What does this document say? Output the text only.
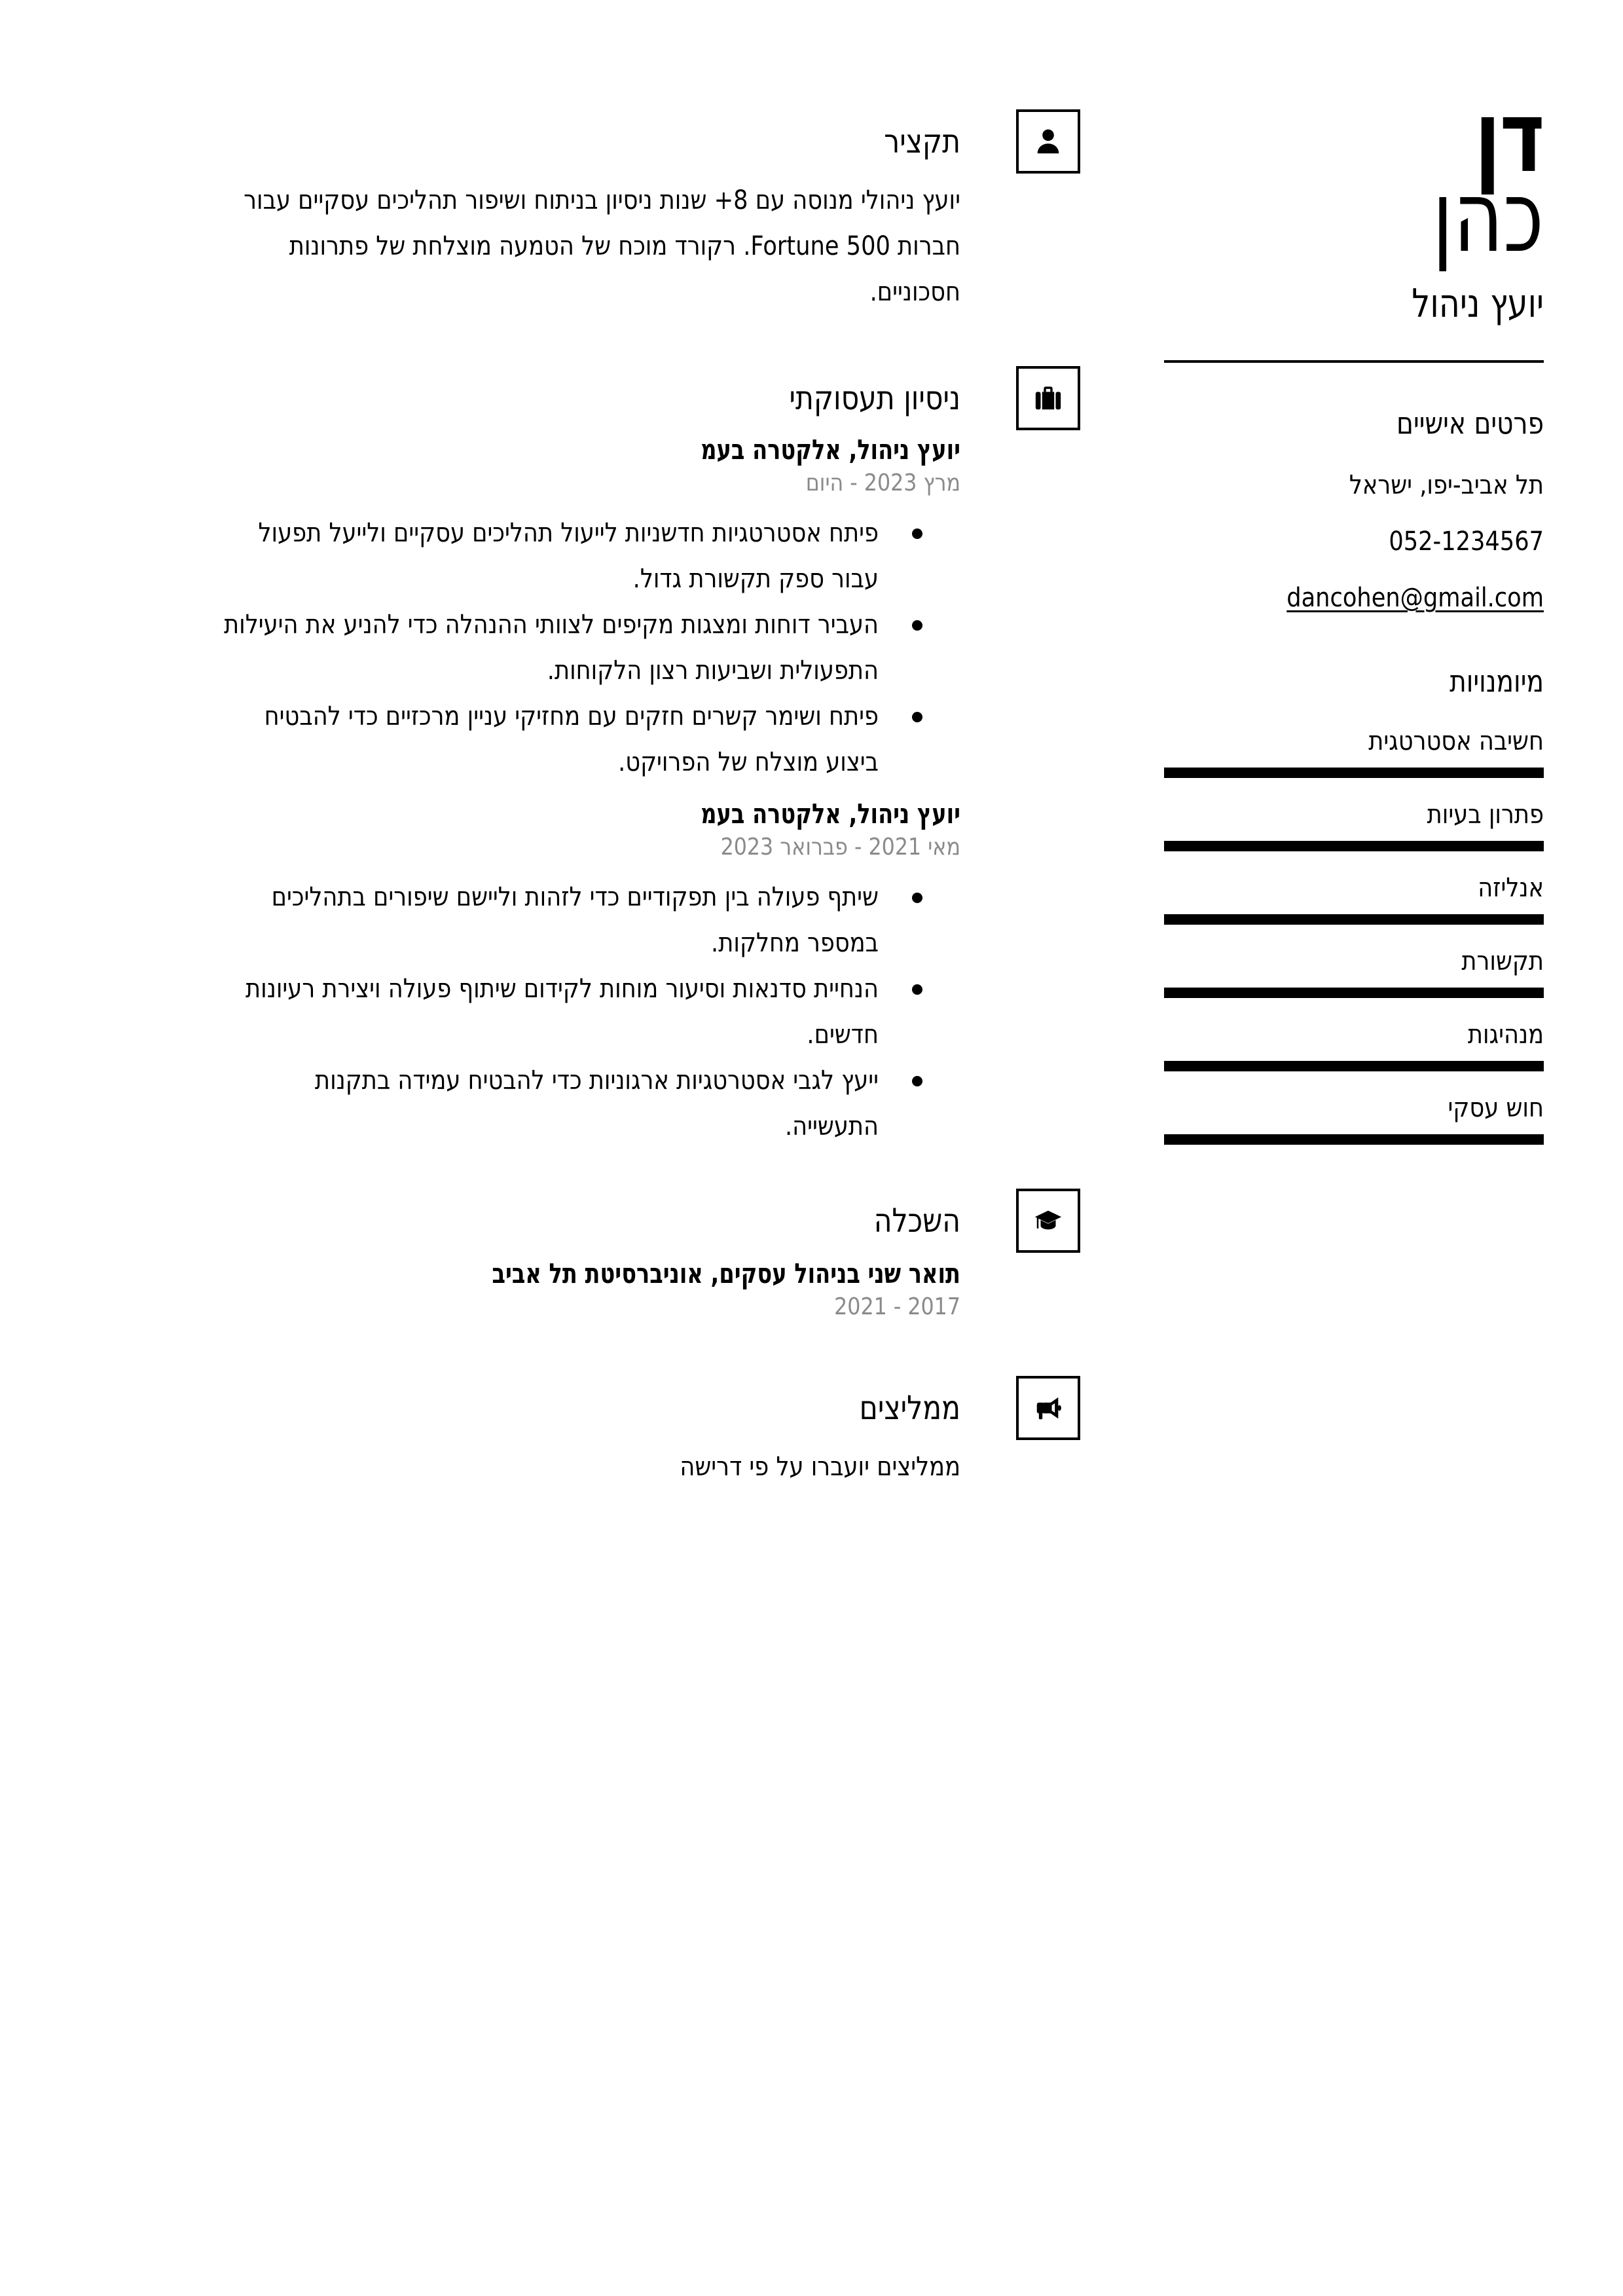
דן
כהן
יועץ ניהול
פרטים אישיים
תל אביב-יפו, ישראל
052-1234567
dancohen@gmail.com
מיומנויות
חשיבה אסטרטגית
פתרון בעיות
אנליזה
תקשורת
מנהיגות
חוש עסקי
תקציר

יועץ ניהולי מנוסה עם 8+ שנות ניסיון בניתוח ושיפור תהליכים עסקיים עבור חברות Fortune 500. רקורד מוכח של הטמעה מוצלחת של פתרונות חסכוניים.

ניסיון תעסוקתי
יועץ ניהול, אלקטרה בעמ
מרץ 2023 - היום
פיתח אסטרטגיות חדשניות לייעול תהליכים עסקיים ולייעל תפעול עבור ספק תקשורת גדול.
העביר דוחות ומצגות מקיפים לצוותי ההנהלה כדי להניע את היעילות התפעולית ושביעות רצון הלקוחות.
פיתח ושימר קשרים חזקים עם מחזיקי עניין מרכזיים כדי להבטיח ביצוע מוצלח של הפרויקט.
יועץ ניהול, אלקטרה בעמ
מאי 2021 - פברואר 2023
שיתף פעולה בין תפקודיים כדי לזהות וליישם שיפורים בתהליכים במספר מחלקות.
הנחיית סדנאות וסיעור מוחות לקידום שיתוף פעולה ויצירת רעיונות חדשים.
ייעץ לגבי אסטרטגיות ארגוניות כדי להבטיח עמידה בתקנות התעשייה.
השכלה
תואר שני בניהול עסקים, אוניברסיטת תל אביב
2017 - 2021
ממליצים

ממליצים יועברו על פי דרישה
